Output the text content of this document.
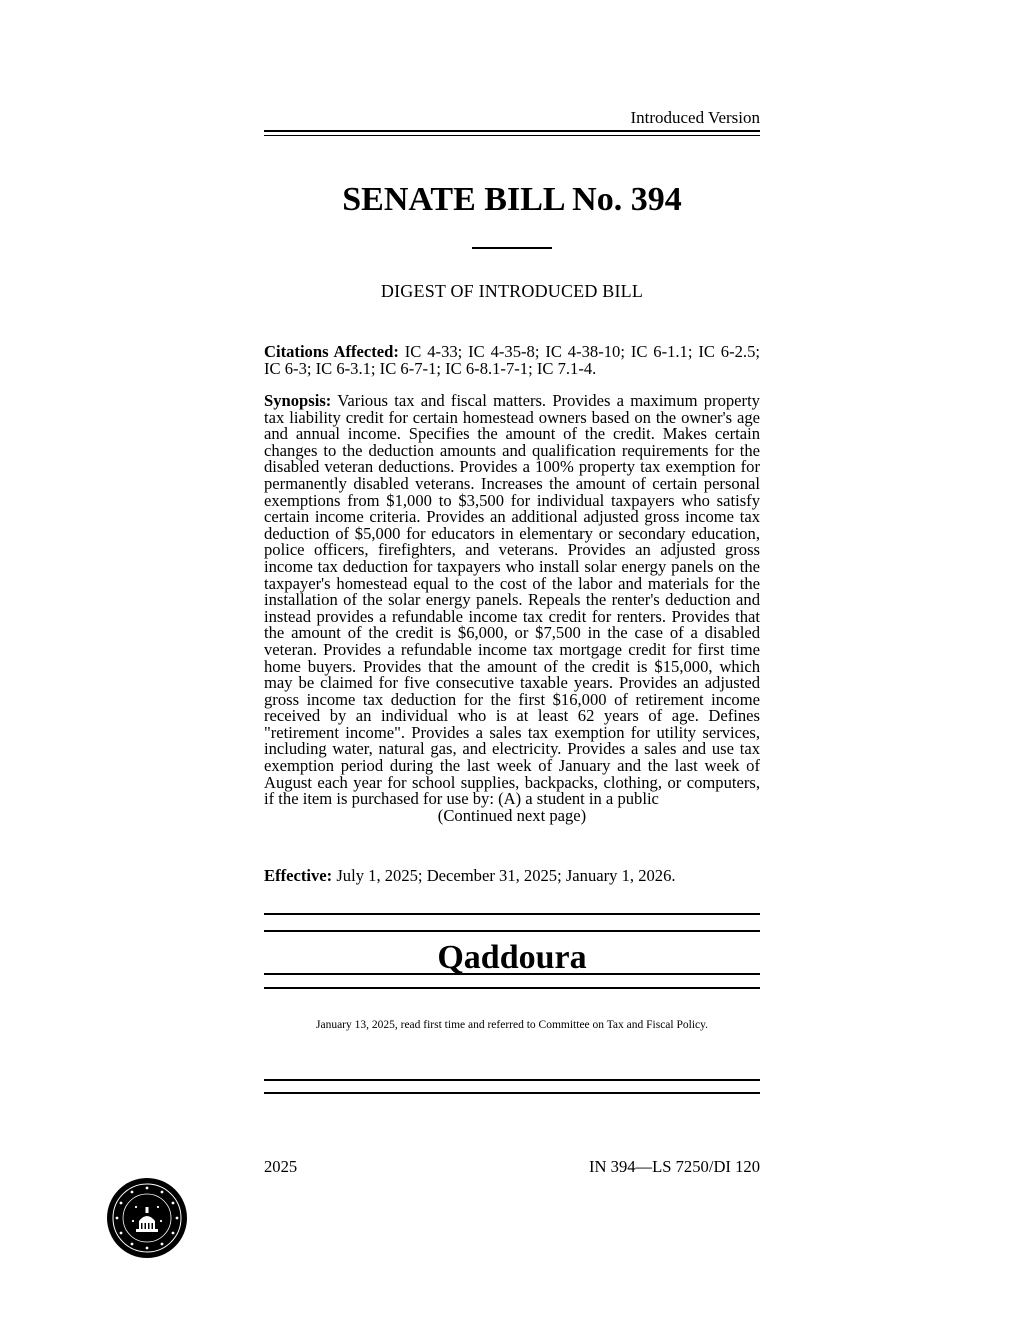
Introduced Version
SENATE BILL No. 394
DIGEST OF INTRODUCED BILL
Citations Affected: IC 4-33; IC 4-35-8; IC 4-38-10; IC 6-1.1; IC 6-2.5; IC 6-3; IC 6-3.1; IC 6-7-1; IC 6-8.1-7-1; IC 7.1-4.
Synopsis: Various tax and fiscal matters. Provides a maximum property tax liability credit for certain homestead owners based on the owner's age and annual income. Specifies the amount of the credit. Makes certain changes to the deduction amounts and qualification requirements for the disabled veteran deductions. Provides a 100% property tax exemption for permanently disabled veterans. Increases the amount of certain personal exemptions from $1,000 to $3,500 for individual taxpayers who satisfy certain income criteria. Provides an additional adjusted gross income tax deduction of $5,000 for educators in elementary or secondary education, police officers, firefighters, and veterans. Provides an adjusted gross income tax deduction for taxpayers who install solar energy panels on the taxpayer's homestead equal to the cost of the labor and materials for the installation of the solar energy panels. Repeals the renter's deduction and instead provides a refundable income tax credit for renters. Provides that the amount of the credit is $6,000, or $7,500 in the case of a disabled veteran. Provides a refundable income tax mortgage credit for first time home buyers. Provides that the amount of the credit is $15,000, which may be claimed for five consecutive taxable years. Provides an adjusted gross income tax deduction for the first $16,000 of retirement income received by an individual who is at least 62 years of age. Defines "retirement income". Provides a sales tax exemption for utility services, including water, natural gas, and electricity. Provides a sales and use tax exemption period during the last week of January and the last week of August each year for school supplies, backpacks, clothing, or computers, if the item is purchased for use by: (A) a student in a public
(Continued next page)
Effective: July 1, 2025; December 31, 2025; January 1, 2026.
Qaddoura
January 13, 2025, read first time and referred to Committee on Tax and Fiscal Policy.
2025	IN 394—LS 7250/DI 120
